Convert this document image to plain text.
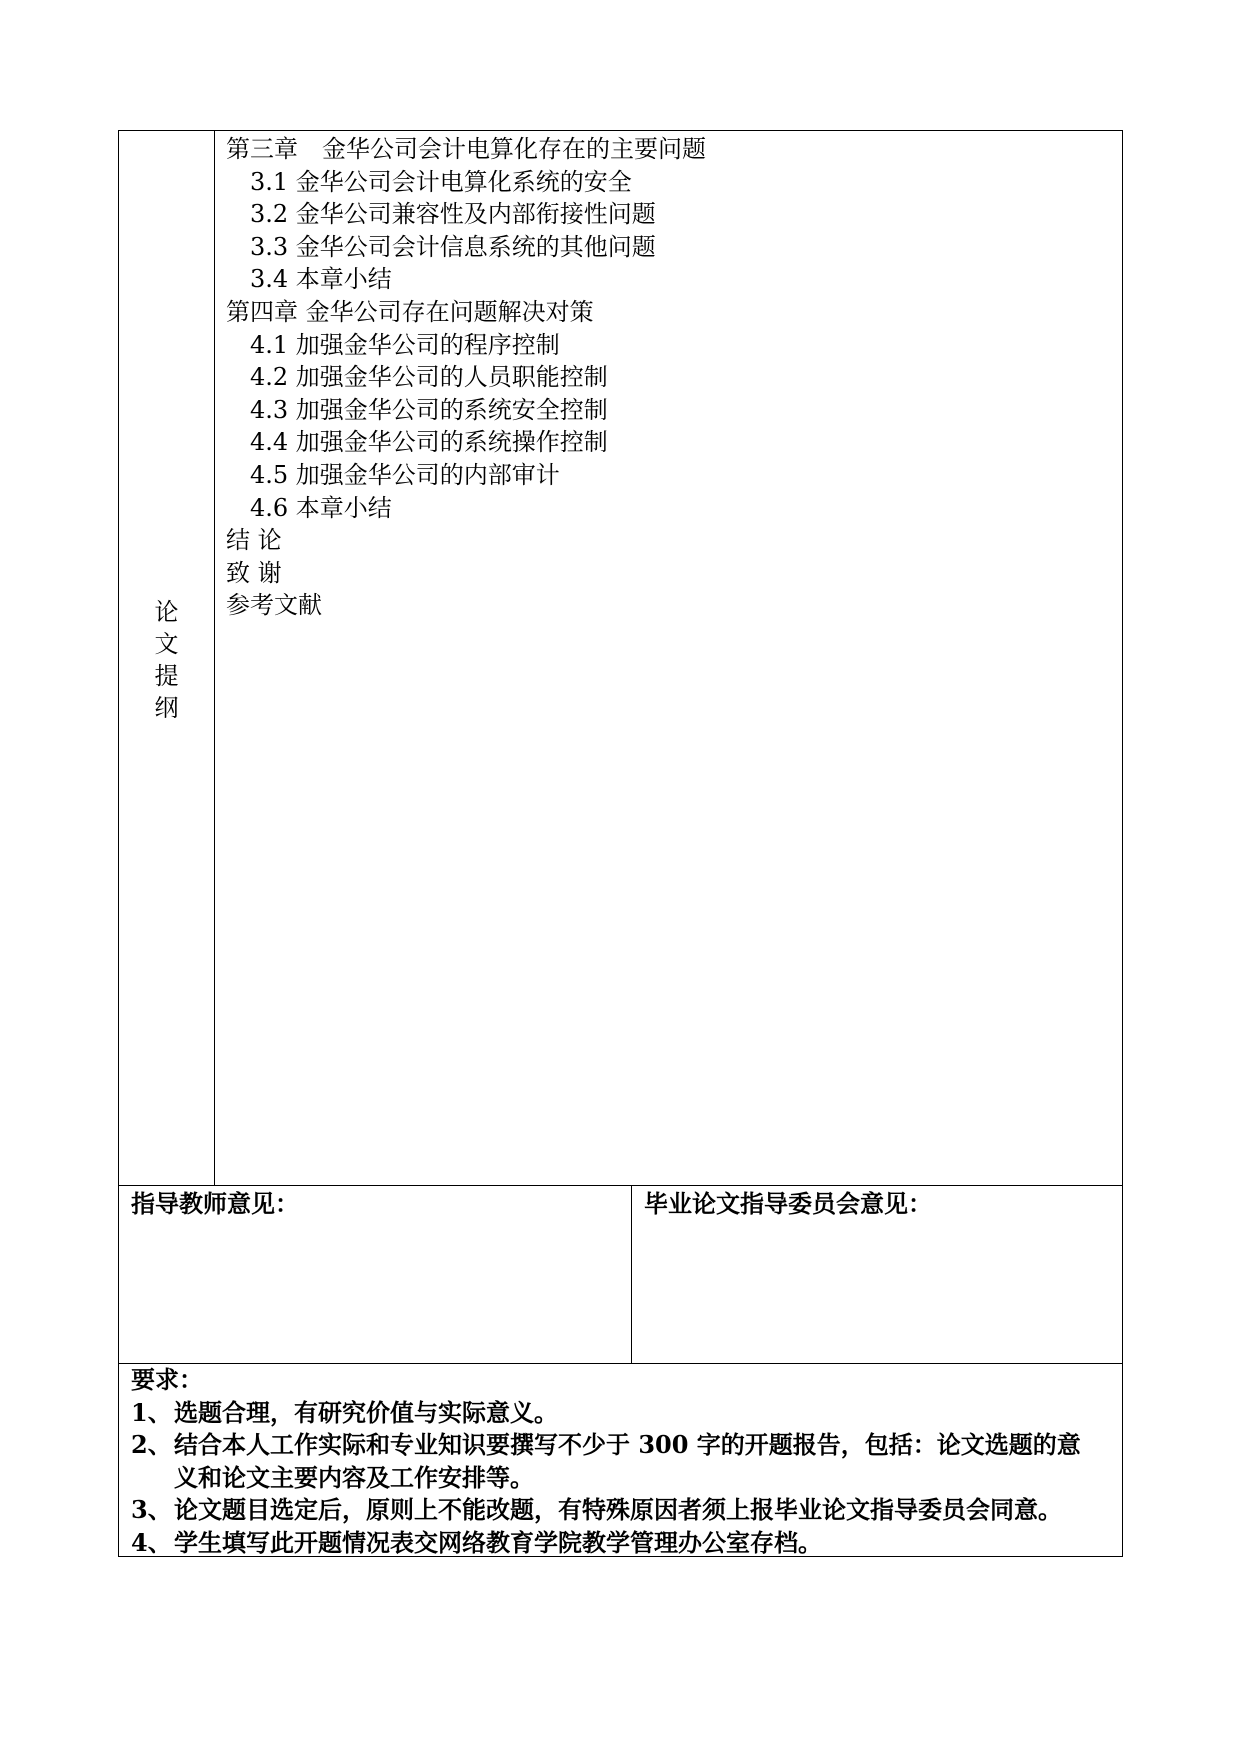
论
文
提
纲
第三章　金华公司会计电算化存在的主要问题
3.1 金华公司会计电算化系统的安全
3.2 金华公司兼容性及内部衔接性问题
3.3 金华公司会计信息系统的其他问题
3.4 本章小结
第四章 金华公司存在问题解决对策
4.1 加强金华公司的程序控制
4.2 加强金华公司的人员职能控制
4.3 加强金华公司的系统安全控制
4.4 加强金华公司的系统操作控制
4.5 加强金华公司的内部审计
4.6 本章小结
结 论
致 谢
参考文献
指导教师意见：	毕业论文指导委员会意见：
要求：
1、选题合理，有研究价值与实际意义。
2、结合本人工作实际和专业知识要撰写不少于 300 字的开题报告，包括：论文选题的意
义和论文主要内容及工作安排等。
3、论文题目选定后，原则上不能改题，有特殊原因者须上报毕业论文指导委员会同意。
4、学生填写此开题情况表交网络教育学院教学管理办公室存档。
